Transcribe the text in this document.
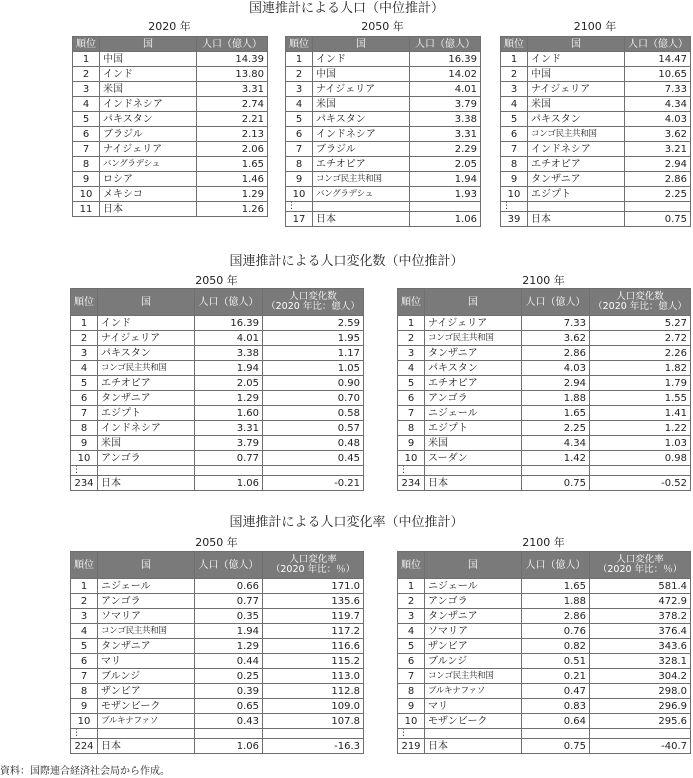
国連推計による人口（中位推計）
2020 年	2050 年	2100 年
順位	国	人口（億人）
1	中国	14.39
2	インド	13.80
3	米国	3.31
4	インドネシア	2.74
5	パキスタン	2.21
6	ブラジル	2.13
7	ナイジェリア	2.06
8	バングラデシュ	1.65
9	ロシア	1.46
10	メキシコ	1.29
11	日本	1.26
順位	国	人口（億人）
1	インド	16.39
2	中国	14.02
3	ナイジェリア	4.01
4	米国	3.79
5	パキスタン	3.38
6	インドネシア	3.31
7	ブラジル	2.29
8	エチオピア	2.05
9	コンゴ民主共和国	1.94
10	バングラデシュ	1.93
⋮		
17	日本	1.06
順位	国	人口（億人）
1	インド	14.47
2	中国	10.65
3	ナイジェリア	7.33
4	米国	4.34
5	パキスタン	4.03
6	コンゴ民主共和国	3.62
7	インドネシア	3.21
8	エチオピア	2.94
9	タンザニア	2.86
10	エジプト	2.25
⋮		
39	日本	0.75
国連推計による人口変化数（中位推計）
2050 年	2100 年
順位	国	人口（億人）	人口変化数
（2020 年比：億人）
1	インド	16.39	2.59
2	ナイジェリア	4.01	1.95
3	パキスタン	3.38	1.17
4	コンゴ民主共和国	1.94	1.05
5	エチオピア	2.05	0.90
6	タンザニア	1.29	0.70
7	エジプト	1.60	0.58
8	インドネシア	3.31	0.57
9	米国	3.79	0.48
10	アンゴラ	0.77	0.45
⋮			
234	日本	1.06	-0.21
順位	国	人口（億人）	人口変化数
（2020 年比：億人）
1	ナイジェリア	7.33	5.27
2	コンゴ民主共和国	3.62	2.72
3	タンザニア	2.86	2.26
4	パキスタン	4.03	1.82
5	エチオピア	2.94	1.79
6	アンゴラ	1.88	1.55
7	ニジェール	1.65	1.41
8	エジプト	2.25	1.22
9	米国	4.34	1.03
10	スーダン	1.42	0.98
⋮			
234	日本	0.75	-0.52
国連推計による人口変化率（中位推計）
2050 年	2100 年
順位	国	人口（億人）	人口変化率
（2020 年比：％）
1	ニジェール	0.66	171.0
2	アンゴラ	0.77	135.6
3	ソマリア	0.35	119.7
4	コンゴ民主共和国	1.94	117.2
5	タンザニア	1.29	116.6
6	マリ	0.44	115.2
7	ブルンジ	0.25	113.0
8	ザンビア	0.39	112.8
9	モザンビーク	0.65	109.0
10	ブルキナファソ	0.43	107.8
⋮			
224	日本	1.06	-16.3
順位	国	人口（億人）	人口変化率
（2020 年比：％）
1	ニジェール	1.65	581.4
2	アンゴラ	1.88	472.9
3	タンザニア	2.86	378.2
4	ソマリア	0.76	376.4
5	ザンビア	0.82	343.6
6	ブルンジ	0.51	328.1
7	コンゴ民主共和国	0.21	304.2
8	ブルキナファソ	0.47	298.0
9	マリ	0.83	296.9
10	モザンビーク	0.64	295.6
⋮			
219	日本	0.75	-40.7
資料：国際連合経済社会局から作成。
